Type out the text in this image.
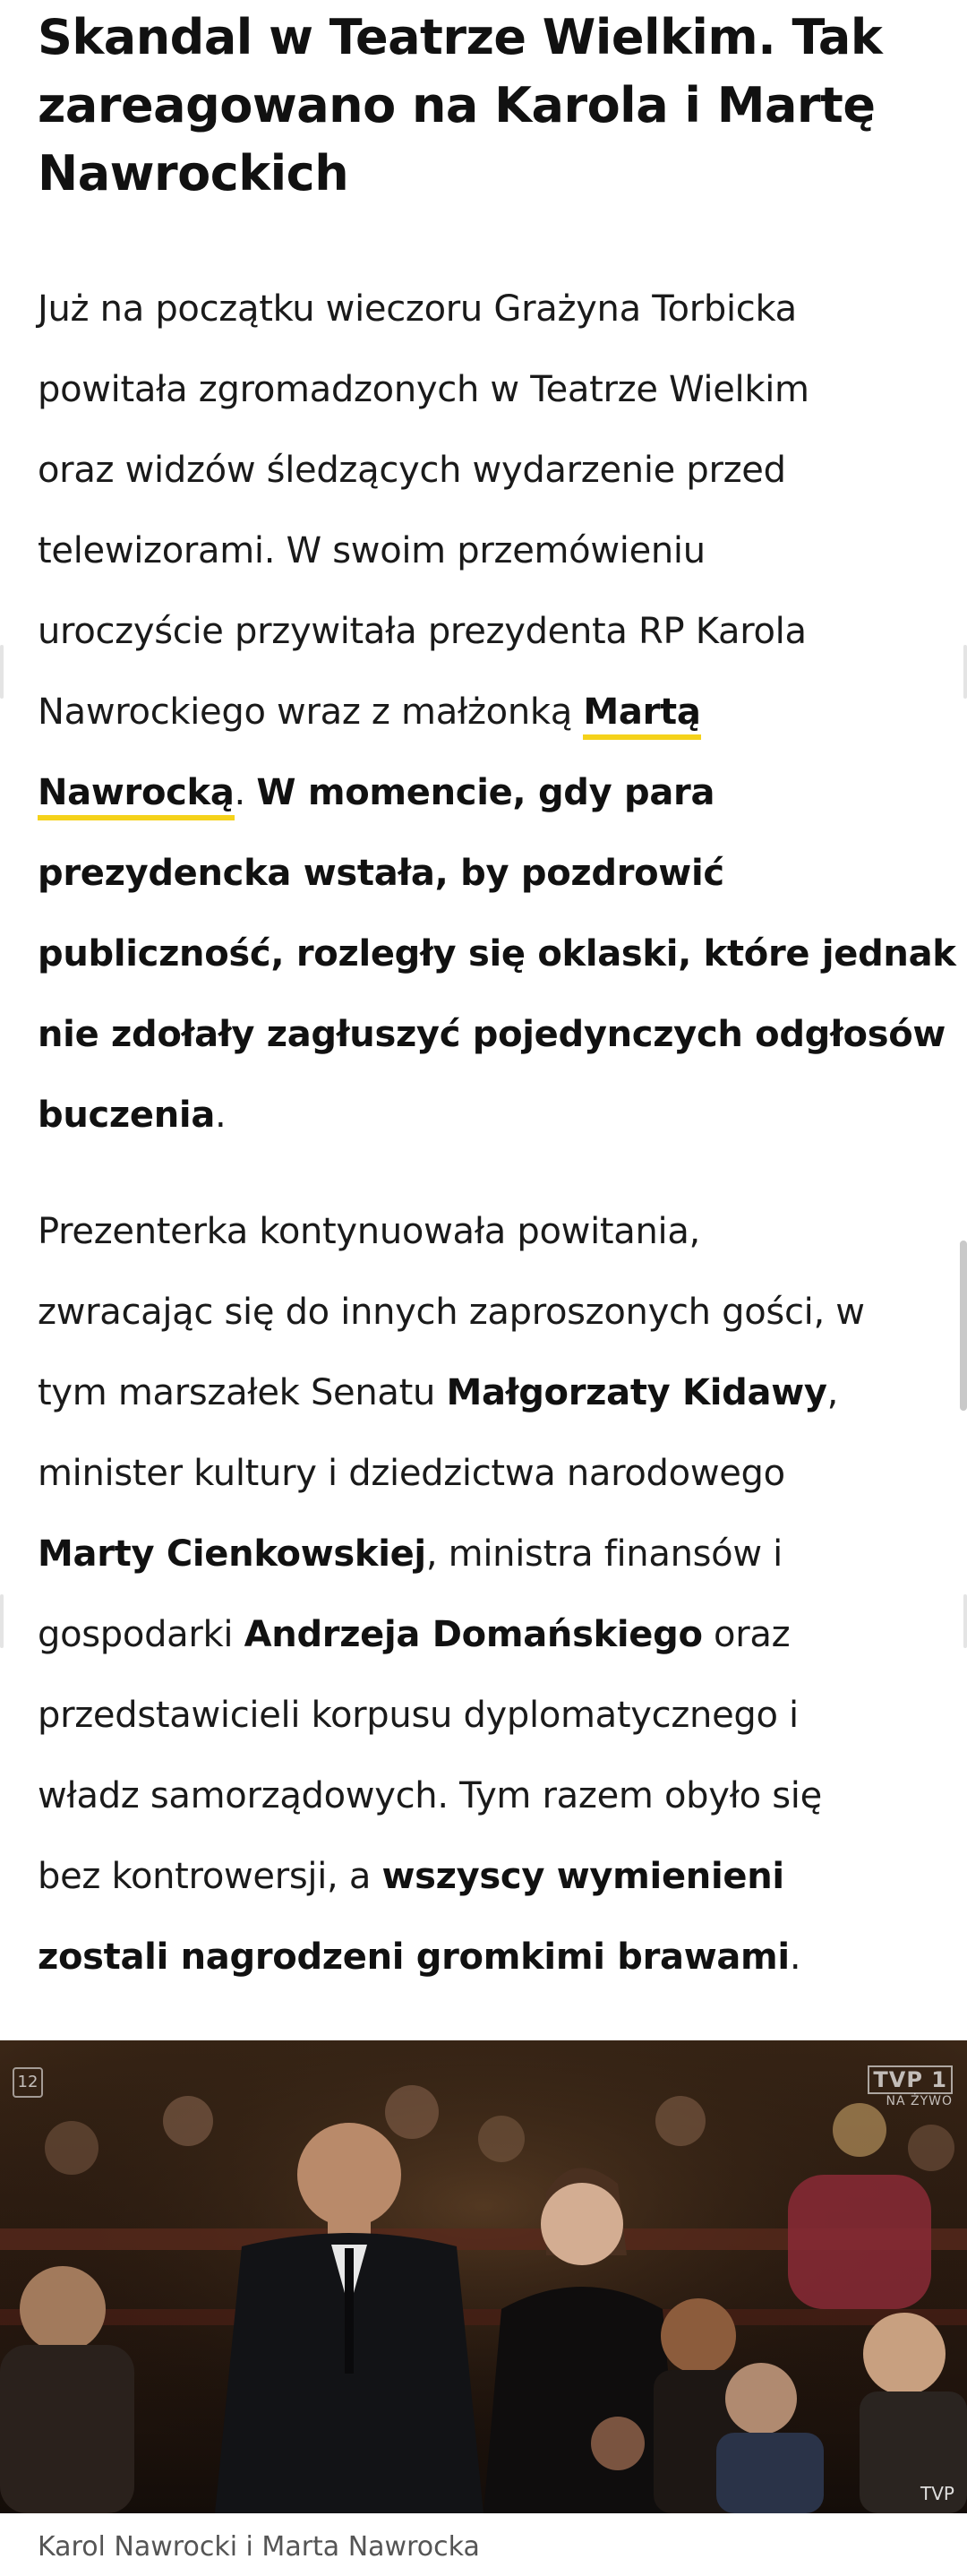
Skandal w Teatrze Wielkim. Tak zareagowano na Karola i Martę Nawrockich

Już na początku wieczoru Grażyna Torbicka
powitała zgromadzonych w Teatrze Wielkim
oraz widzów śledzących wydarzenie przed
telewizorami. W swoim przemówieniu
uroczyście przywitała prezydenta RP Karola
Nawrockiego wraz z małżonką Martą
Nawrocką. W momencie, gdy para
prezydencka wstała, by pozdrowić
publiczność, rozległy się oklaski, które jednak
nie zdołały zagłuszyć pojedynczych odgłosów
buczenia.

Prezenterka kontynuowała powitania,
zwracając się do innych zaproszonych gości, w
tym marszałek Senatu Małgorzaty Kidawy,
minister kultury i dziedzictwa narodowego
Marty Cienkowskiej, ministra finansów i
gospodarki Andrzeja Domańskiego oraz
przedstawicieli korpusu dyplomatycznego i
władz samorządowych. Tym razem obyło się
bez kontrowersji, a wszyscy wymienieni
zostali nagrodzeni gromkimi brawami.

12	TVP 1
NA ŻYWO
TVP

Karol Nawrocki i Marta Nawrocka
